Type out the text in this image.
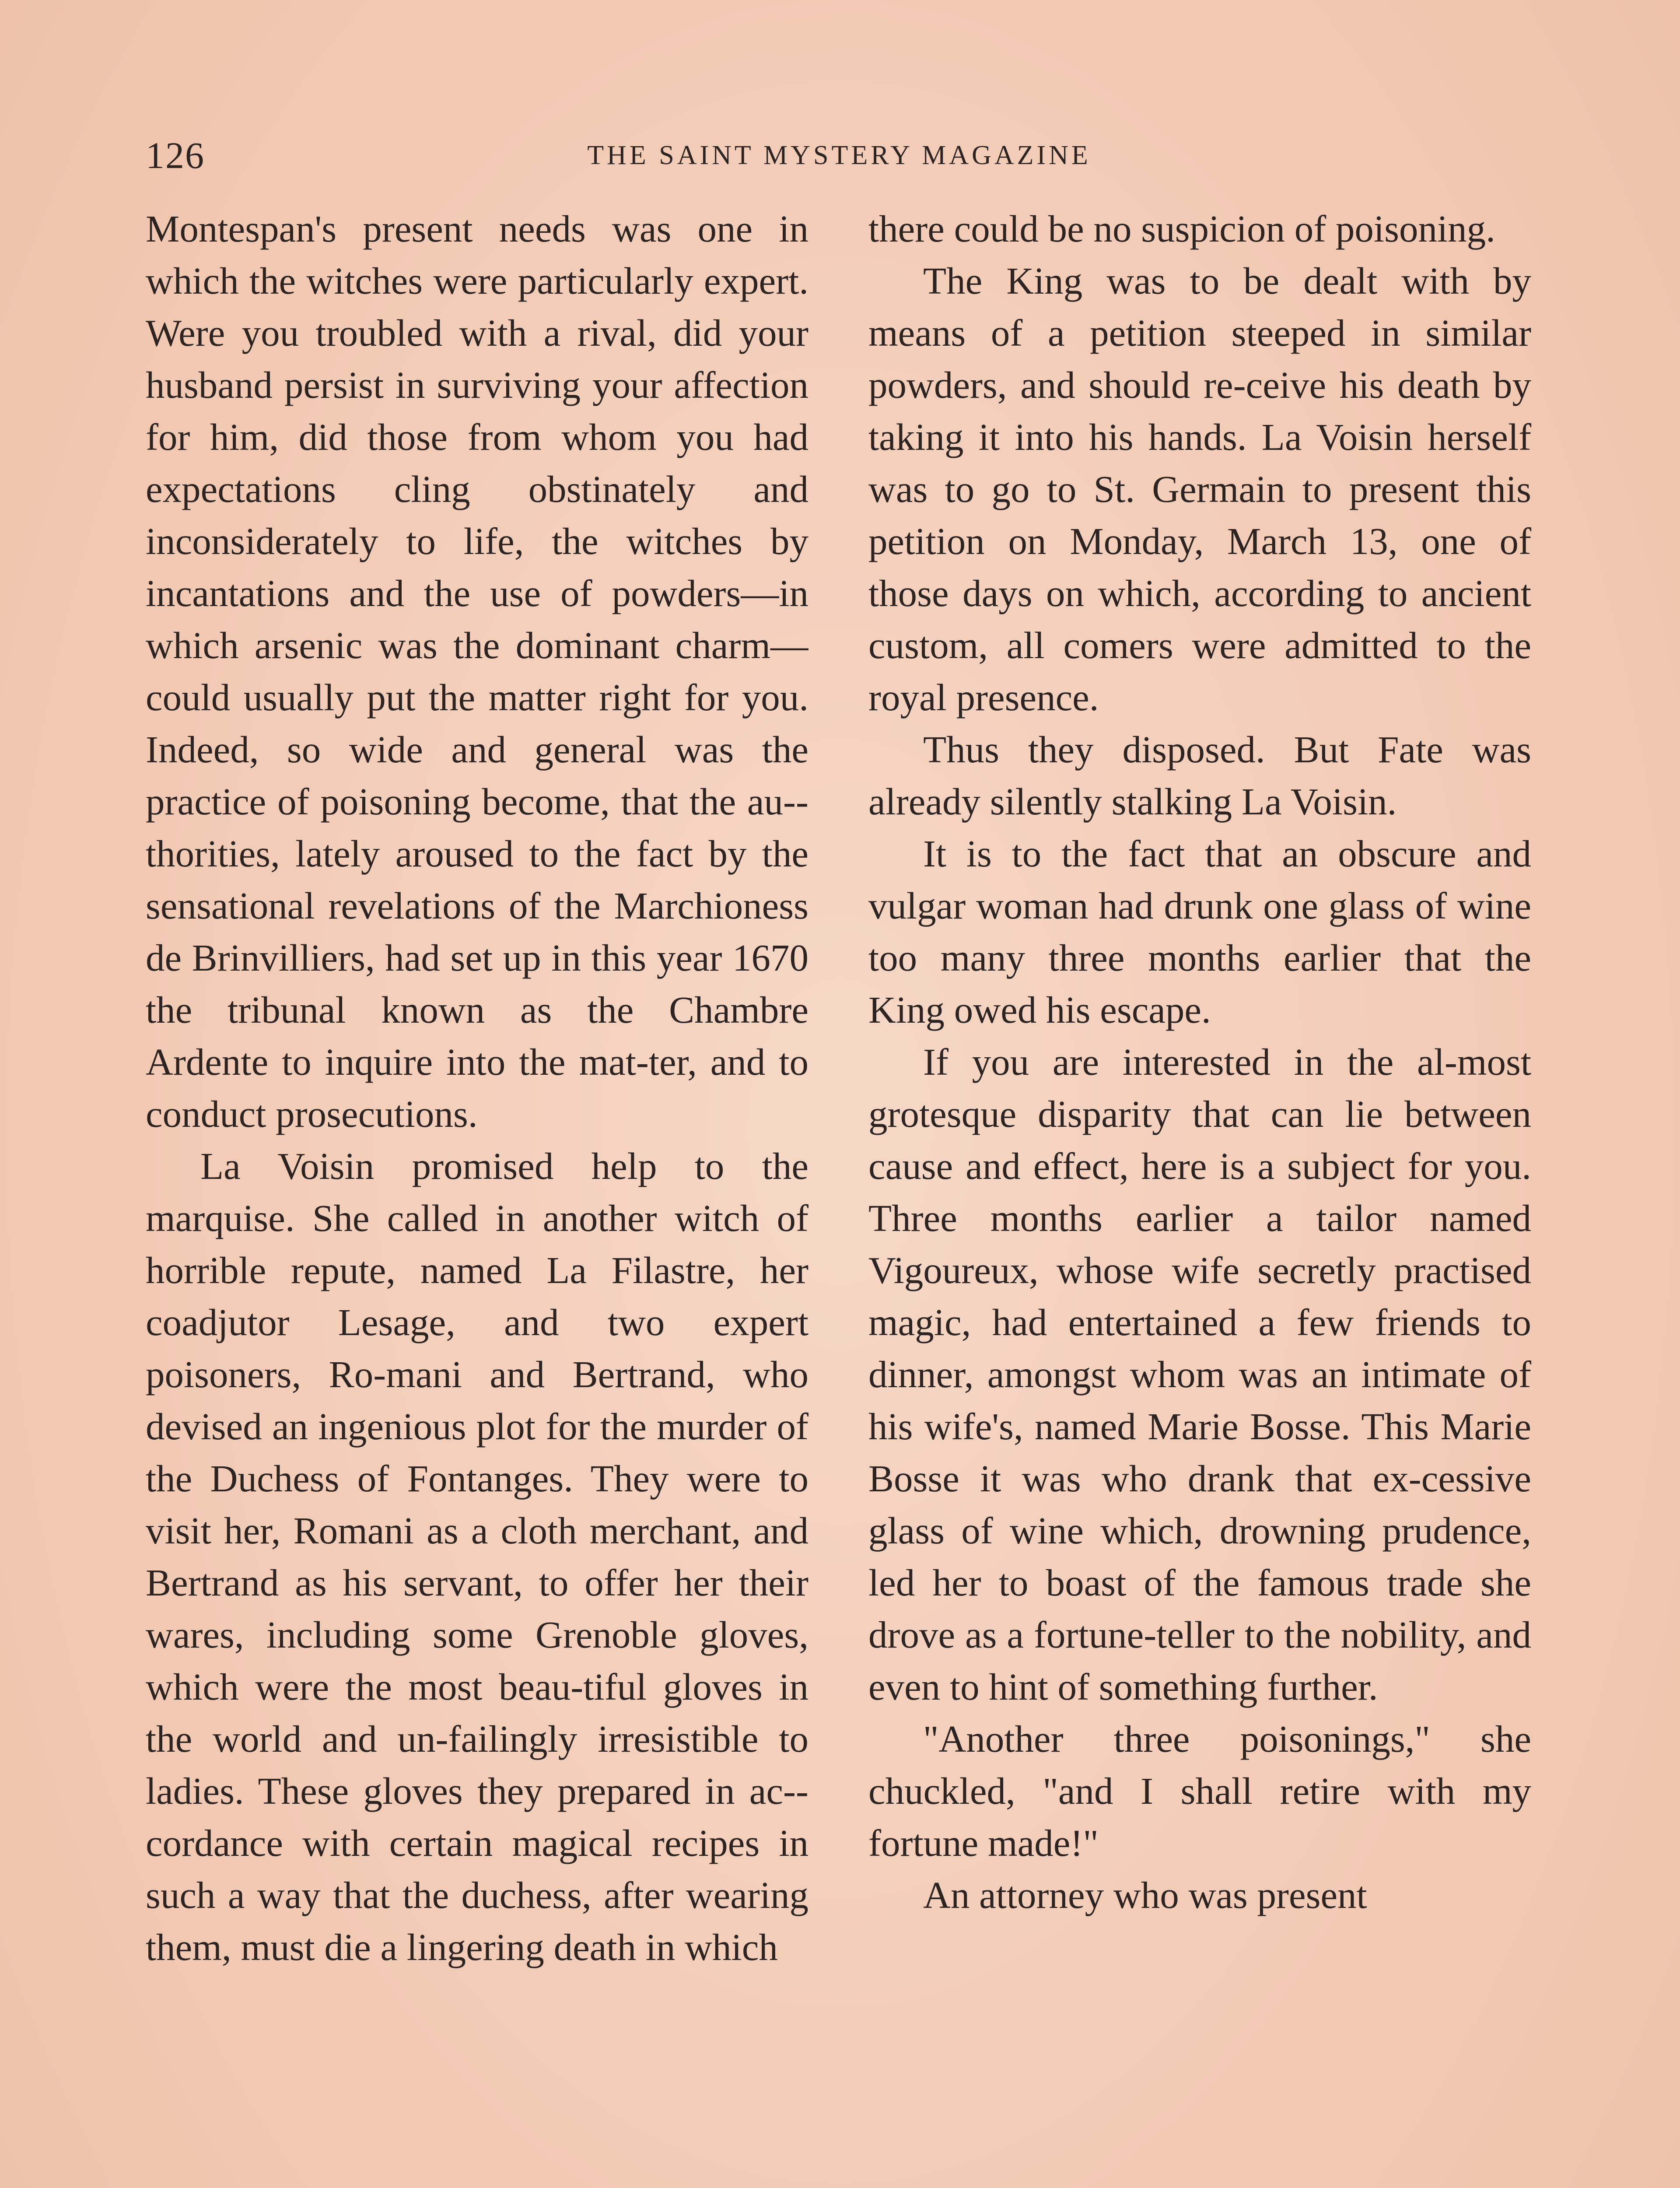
126	THE SAINT MYSTERY MAGAZINE

Montespan's present needs was one in which the witches were particularly expert. Were you troubled with a rival, did your husband persist in surviving your affection for him, did those from whom you had expectations cling obstinately and inconsiderately to life, the witches by incantations and the use of powders—in which arsenic was the dominant charm—could usually put the matter right for you. Indeed, so wide and general was the practice of poisoning become, that the au-thorities, lately aroused to the fact by the sensational revelations of the Marchioness de Brinvilliers, had set up in this year 1670 the tribunal known as the Chambre Ardente to inquire into the mat-ter, and to conduct prosecutions.

La Voisin promised help to the marquise. She called in another witch of horrible repute, named La Filastre, her coadjutor Lesage, and two expert poisoners, Ro-mani and Bertrand, who devised an ingenious plot for the murder of the Duchess of Fontanges. They were to visit her, Romani as a cloth merchant, and Bertrand as his servant, to offer her their wares, including some Grenoble gloves, which were the most beau-tiful gloves in the world and un-failingly irresistible to ladies. These gloves they prepared in ac-cordance with certain magical recipes in such a way that the duchess, after wearing them, must die a lingering death in which

there could be no suspicion of poisoning.

The King was to be dealt with by means of a petition steeped in similar powders, and should re-ceive his death by taking it into his hands. La Voisin herself was to go to St. Germain to present this petition on Monday, March 13, one of those days on which, according to ancient custom, all comers were admitted to the royal presence.

Thus they disposed. But Fate was already silently stalking La Voisin.

It is to the fact that an obscure and vulgar woman had drunk one glass of wine too many three months earlier that the King owed his escape.

If you are interested in the al-most grotesque disparity that can lie between cause and effect, here is a subject for you. Three months earlier a tailor named Vigoureux, whose wife secretly practised magic, had entertained a few friends to dinner, amongst whom was an intimate of his wife's, named Marie Bosse. This Marie Bosse it was who drank that ex-cessive glass of wine which, drowning prudence, led her to boast of the famous trade she drove as a fortune-teller to the nobility, and even to hint of something further.

"Another three poisonings," she chuckled, "and I shall retire with my fortune made!"

An attorney who was present
